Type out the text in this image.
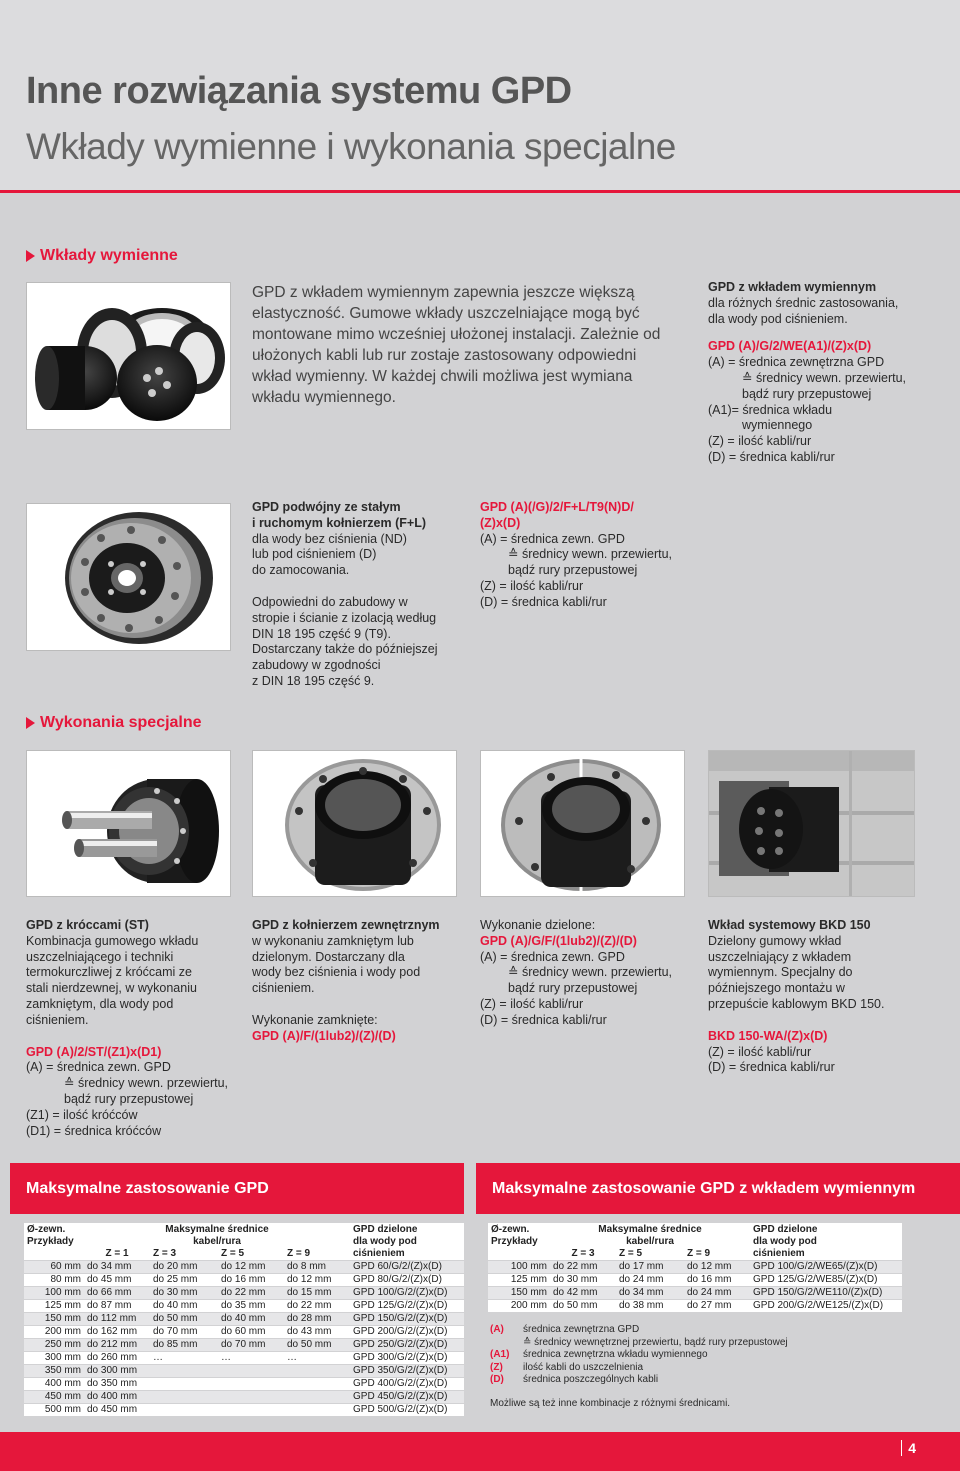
Inne rozwiązania systemu GPD
Wkłady wymienne i wykonania specjalne
Wkłady wymienne
GPD z wkładem wymiennym zapewnia jeszcze większą elastyczność. Gumowe wkłady uszczelniające mogą być montowane mimo wcześniej ułożonej instalacji. Zależnie od ułożonych kabli lub rur zostaje zastosowany odpowiedni wkład wymienny. W każdej chwili możliwa jest wymiana wkładu wymiennego.
GPD z wkładem wymiennym
dla różnych średnic zastosowania,
dla wody pod ciśnieniem.
GPD (A)/G/2/WE(A1)/(Z)x(D)
(A) = średnica zewnętrzna GPD
≙ średnicy wewn. przewiertu,
bądź rury przepustowej
(A1)= średnica wkładu
wymiennego
(Z) = ilość kabli/rur
(D) = średnica kabli/rur
GPD podwójny ze stałym
i ruchomym kołnierzem (F+L)
dla wody bez ciśnienia (ND)
lub pod ciśnieniem (D)
do zamocowania.
Odpowiedni do zabudowy w
stropie i ścianie z izolacją według
DIN 18 195 część 9 (T9).
Dostarczany także do późniejszej
zabudowy w zgodności
z DIN 18 195 część 9.
GPD (A)(/G)/2/F+L/T9(N)D/
(Z)x(D)
(A) = średnica zewn. GPD
≙ średnicy wewn. przewiertu,
bądź rury przepustowej
(Z) = ilość kabli/rur
(D) = średnica kabli/rur
Wykonania specjalne
GPD z króccami (ST)
Kombinacja gumowego wkładu
uszczelniającego i techniki
termokurczliwej z króćcami ze
stali nierdzewnej, w wykonaniu
zamkniętym, dla wody pod
ciśnieniem.
GPD (A)/2/ST/(Z1)x(D1)
(A) = średnica zewn. GPD
≙ średnicy wewn. przewiertu,
bądź rury przepustowej
(Z1) = ilość króćców
(D1) = średnica króćców
GPD z kołnierzem zewnętrznym
w wykonaniu zamkniętym lub
dzielonym. Dostarczany dla
wody bez ciśnienia i wody pod
ciśnieniem.
Wykonanie zamknięte:
GPD (A)/F/(1lub2)/(Z)/(D)
Wykonanie dzielone:
GPD (A)/G/F/(1lub2)/(Z)/(D)
(A) = średnica zewn. GPD
≙ średnicy wewn. przewiertu,
bądź rury przepustowej
(Z) = ilość kabli/rur
(D) = średnica kabli/rur
Wkład systemowy BKD 150
Dzielony gumowy wkład
uszczelniający z wkładem
wymiennym. Specjalny do
późniejszego montażu w
przepuście kablowym BKD 150.
BKD 150-WA/(Z)x(D)
(Z) = ilość kabli/rur
(D) = średnica kabli/rur
Maksymalne zastosowanie GPD	Maksymalne zastosowanie GPD z wkładem wymiennym
Ø-zewn.	Maksymalne średnice				GPD dzielone
Przykłady	kabel/rura				dla wody pod
	Z = 1	Z = 3	Z = 5	Z = 9	ciśnieniem
60 mm	do 34 mm	do 20 mm	do 12 mm	do 8 mm	GPD 60/G/2/(Z)x(D)
80 mm	do 45 mm	do 25 mm	do 16 mm	do 12 mm	GPD 80/G/2/(Z)x(D)
100 mm	do 66 mm	do 30 mm	do 22 mm	do 15 mm	GPD 100/G/2/(Z)x(D)
125 mm	do 87 mm	do 40 mm	do 35 mm	do 22 mm	GPD 125/G/2/(Z)x(D)
150 mm	do 112 mm	do 50 mm	do 40 mm	do 28 mm	GPD 150/G/2/(Z)x(D)
200 mm	do 162 mm	do 70 mm	do 60 mm	do 43 mm	GPD 200/G/2/(Z)x(D)
250 mm	do 212 mm	do 85 mm	do 70 mm	do 50 mm	GPD 250/G/2/(Z)x(D)
300 mm	do 260 mm	…	…	…	GPD 300/G/2/(Z)x(D)
350 mm	do 300 mm				GPD 350/G/2/(Z)x(D)
400 mm	do 350 mm				GPD 400/G/2/(Z)x(D)
450 mm	do 400 mm				GPD 450/G/2/(Z)x(D)
500 mm	do 450 mm				GPD 500/G/2/(Z)x(D)
Ø-zewn.	Maksymalne średnice			GPD dzielone
Przykłady	kabel/rura			dla wody pod
	Z = 3	Z = 5	Z = 9	ciśnieniem
100 mm	do 22 mm	do 17 mm	do 12 mm	GPD 100/G/2/WE65/(Z)x(D)
125 mm	do 30 mm	do 24 mm	do 16 mm	GPD 125/G/2/WE85/(Z)x(D)
150 mm	do 42 mm	do 34 mm	do 24 mm	GPD 150/G/2/WE110/(Z)x(D)
200 mm	do 50 mm	do 38 mm	do 27 mm	GPD 200/G/2/WE125/(Z)x(D)
(A)	średnica zewnętrzna GPD
≙ średnicy wewnętrznej przewiertu, bądź rury przepustowej
(A1)	średnica zewnętrzna wkładu wymiennego
(Z)	ilość kabli do uszczelnienia
(D)	średnica poszczególnych kabli
Możliwe są też inne kombinacje z różnymi średnicami.
4
